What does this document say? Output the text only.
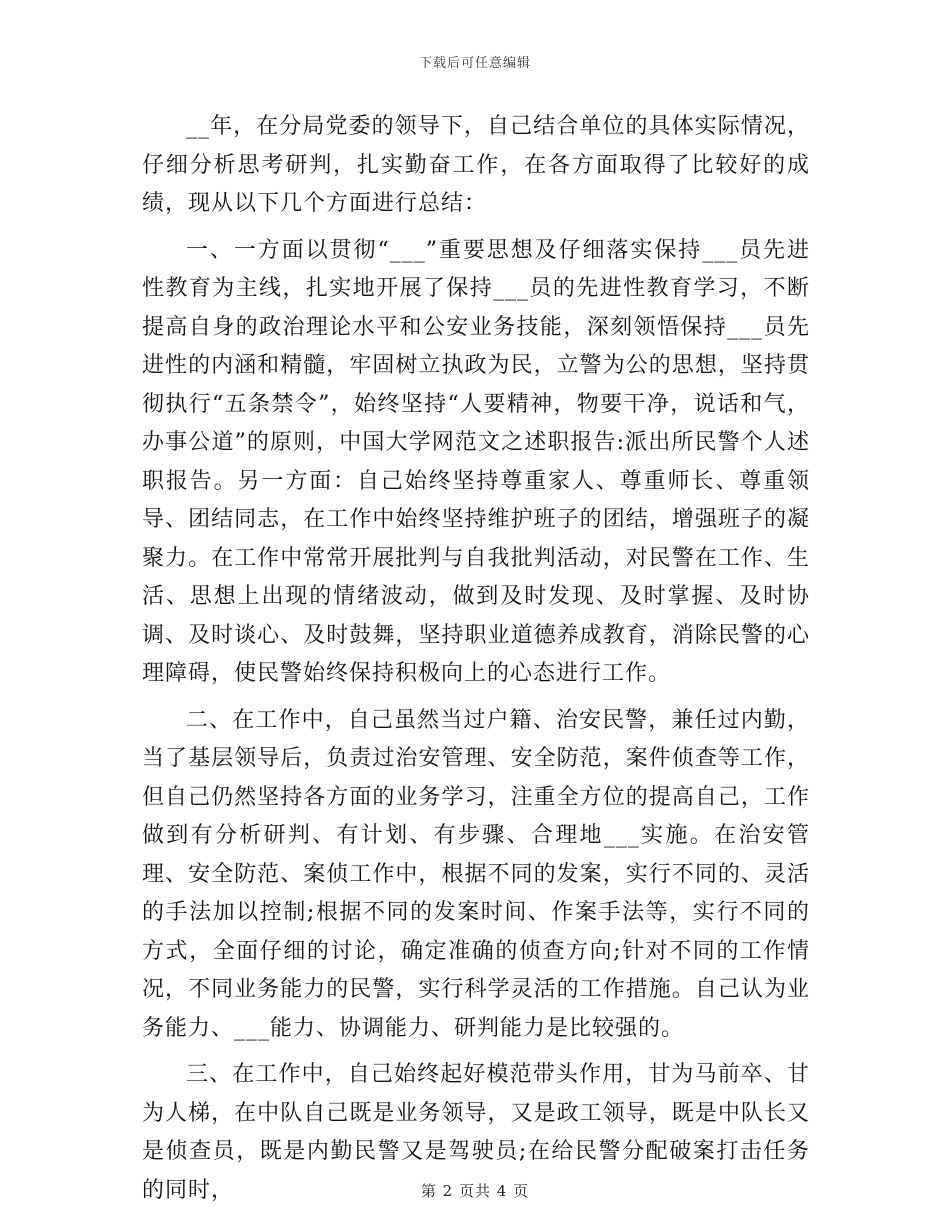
下载后可任意编辑

__年，在分局党委的领导下，自己结合单位的具体实际情况，仔细分析思考研判，扎实勤奋工作，在各方面取得了比较好的成绩，现从以下几个方面进行总结：

一、一方面以贯彻“___”重要思想及仔细落实保持___员先进性教育为主线，扎实地开展了保持___员的先进性教育学习，不断提高自身的政治理论水平和公安业务技能，深刻领悟保持___员先进性的内涵和精髓，牢固树立执政为民，立警为公的思想，坚持贯彻执行“五条禁令”，始终坚持“人要精神，物要干净，说话和气，办事公道”的原则，中国大学网范文之述职报告:派出所民警个人述职报告。另一方面：自己始终坚持尊重家人、尊重师长、尊重领导、团结同志，在工作中始终坚持维护班子的团结，增强班子的凝聚力。在工作中常常开展批判与自我批判活动，对民警在工作、生活、思想上出现的情绪波动，做到及时发现、及时掌握、及时协调、及时谈心、及时鼓舞，坚持职业道德养成教育，消除民警的心理障碍，使民警始终保持积极向上的心态进行工作。

二、在工作中，自己虽然当过户籍、治安民警，兼任过内勤，当了基层领导后，负责过治安管理、安全防范，案件侦查等工作，但自己仍然坚持各方面的业务学习，注重全方位的提高自己，工作做到有分析研判、有计划、有步骤、合理地___实施。在治安管理、安全防范、案侦工作中，根据不同的发案，实行不同的、灵活的手法加以控制;根据不同的发案时间、作案手法等，实行不同的方式，全面仔细的讨论，确定准确的侦查方向;针对不同的工作情况，不同业务能力的民警，实行科学灵活的工作措施。自己认为业务能力、___能力、协调能力、研判能力是比较强的。

三、在工作中，自己始终起好模范带头作用，甘为马前卒、甘为人梯，在中队自己既是业务领导，又是政工领导，既是中队长又是侦查员，既是内勤民警又是驾驶员;在给民警分配破案打击任务的同时，	第 2 页共 4 页
